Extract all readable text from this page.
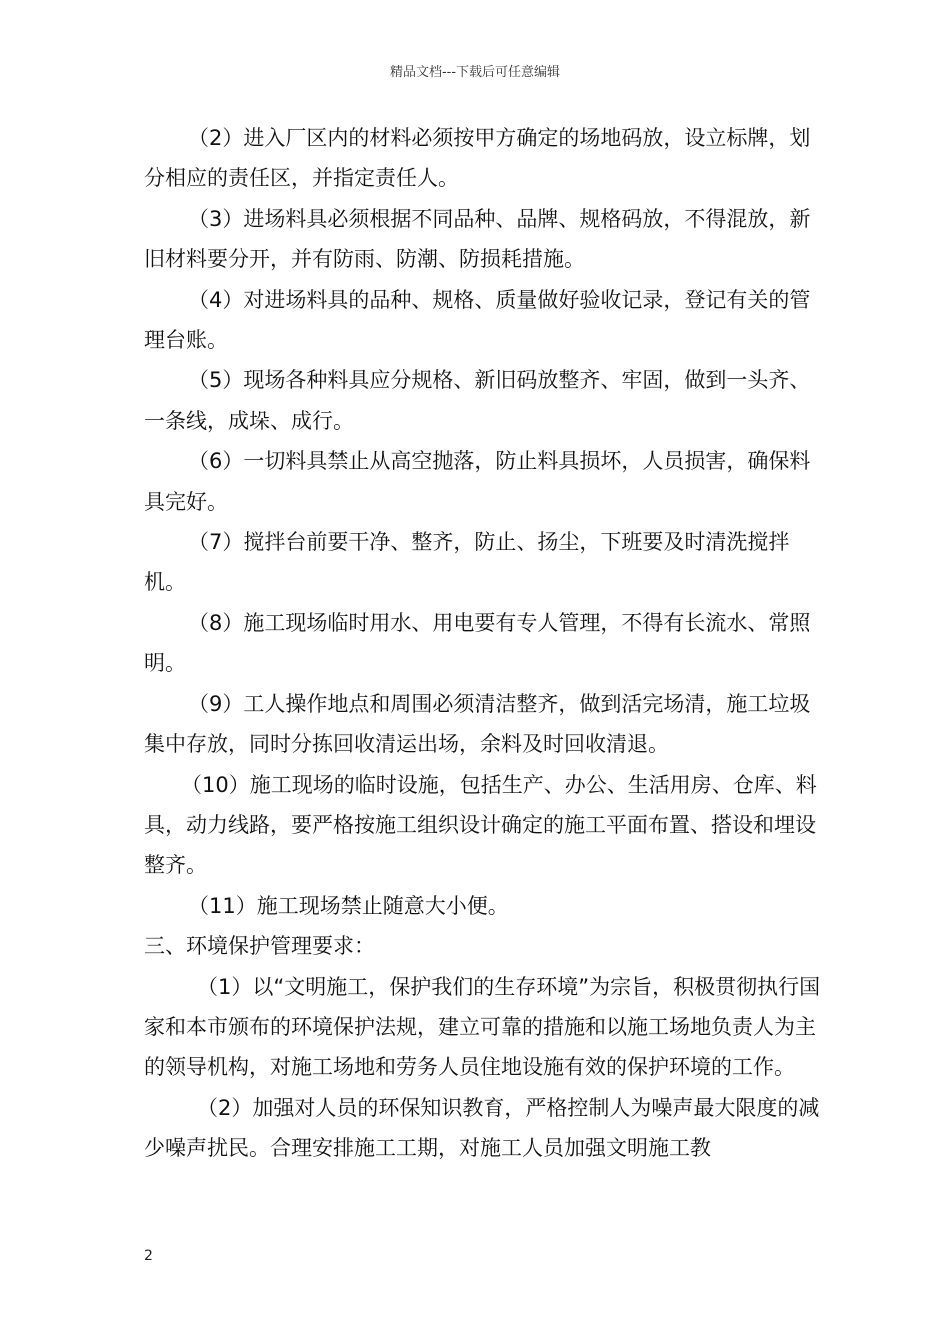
精品文档---下载后可任意编辑

（2）进入厂区内的材料必须按甲方确定的场地码放，设立标牌，划分相应的责任区，并指定责任人。

（3）进场料具必须根据不同品种、品牌、规格码放，不得混放，新旧材料要分开，并有防雨、防潮、防损耗措施。

（4）对进场料具的品种、规格、质量做好验收记录，登记有关的管理台账。

（5）现场各种料具应分规格、新旧码放整齐、牢固，做到一头齐、一条线，成垛、成行。

（6）一切料具禁止从高空抛落，防止料具损坏，人员损害，确保料具完好。

（7）搅拌台前要干净、整齐，防止、扬尘，下班要及时清洗搅拌机。

（8）施工现场临时用水、用电要有专人管理，不得有长流水、常照明。

（9）工人操作地点和周围必须清洁整齐，做到活完场清，施工垃圾集中存放，同时分拣回收清运出场，余料及时回收清退。

（10）施工现场的临时设施，包括生产、办公、生活用房、仓库、料具，动力线路，要严格按施工组织设计确定的施工平面布置、搭设和埋设整齐。

（11）施工现场禁止随意大小便。

三、环境保护管理要求：

（1）以“文明施工，保护我们的生存环境”为宗旨，积极贯彻执行国家和本市颁布的环境保护法规，建立可靠的措施和以施工场地负责人为主的领导机构，对施工场地和劳务人员住地设施有效的保护环境的工作。

（2）加强对人员的环保知识教育，严格控制人为噪声最大限度的减少噪声扰民。合理安排施工工期，对施工人员加强文明施工教

2
